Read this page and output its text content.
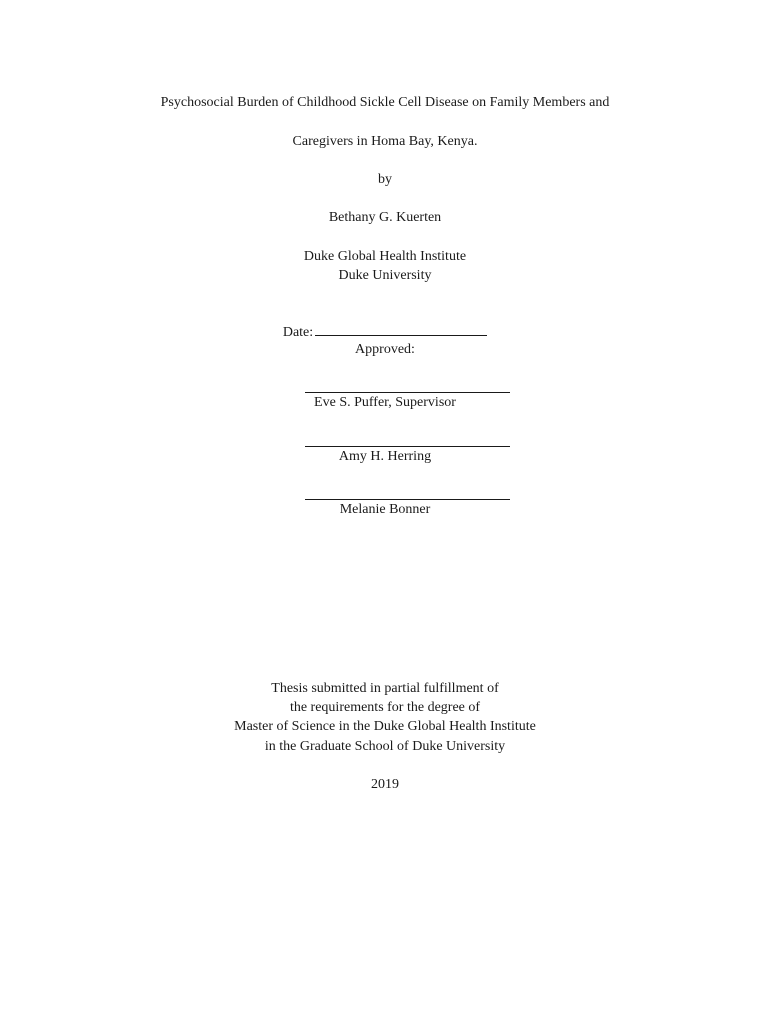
Psychosocial Burden of Childhood Sickle Cell Disease on Family Members and
Caregivers in Homa Bay, Kenya.
by
Bethany G. Kuerten
Duke Global Health Institute
Duke University
Date:
Approved:
Eve S. Puffer, Supervisor
Amy H. Herring
Melanie Bonner
Thesis submitted in partial fulfillment of
the requirements for the degree of
Master of Science in the Duke Global Health Institute
in the Graduate School of Duke University
2019
